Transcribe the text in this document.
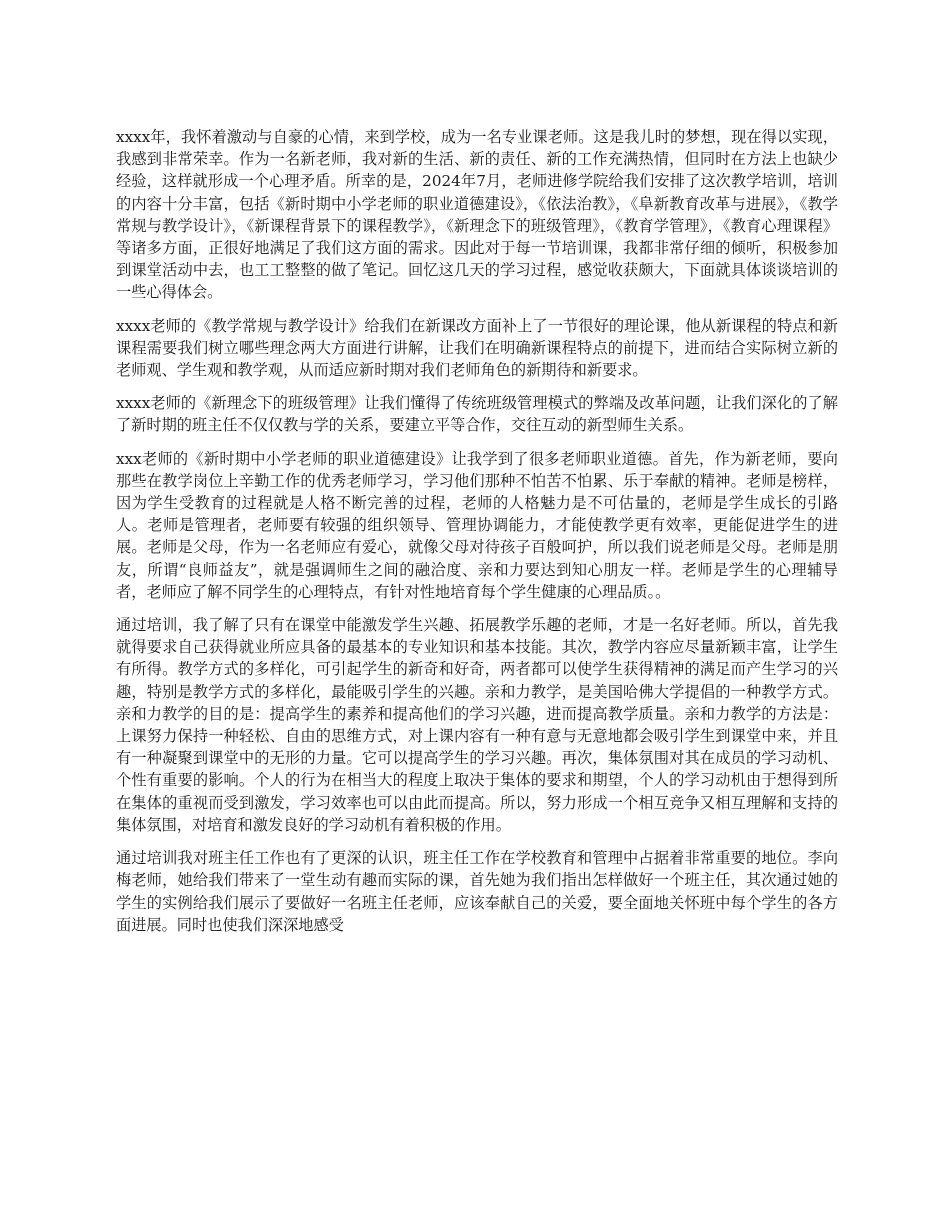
xxxx年，我怀着激动与自豪的心情，来到学校，成为一名专业课老师。这是我儿时的梦想，现在得以实现，我感到非常荣幸。作为一名新老师，我对新的生活、新的责任、新的工作充满热情，但同时在方法上也缺少经验，这样就形成一个心理矛盾。所幸的是，2024年7月，老师进修学院给我们安排了这次教学培训，培训的内容十分丰富，包括《新时期中小学老师的职业道德建设》，《依法治教》，《阜新教育改革与进展》，《教学常规与教学设计》，《新课程背景下的课程教学》，《新理念下的班级管理》，《教育学管理》，《教育心理课程》等诸多方面，正很好地满足了我们这方面的需求。因此对于每一节培训课，我都非常仔细的倾听，积极参加到课堂活动中去，也工工整整的做了笔记。回忆这几天的学习过程，感觉收获颇大，下面就具体谈谈培训的一些心得体会。

xxxx老师的《教学常规与教学设计》给我们在新课改方面补上了一节很好的理论课，他从新课程的特点和新课程需要我们树立哪些理念两大方面进行讲解，让我们在明确新课程特点的前提下，进而结合实际树立新的老师观、学生观和教学观，从而适应新时期对我们老师角色的新期待和新要求。

xxxx老师的《新理念下的班级管理》让我们懂得了传统班级管理模式的弊端及改革问题，让我们深化的了解了新时期的班主任不仅仅教与学的关系，要建立平等合作，交往互动的新型师生关系。

xxx老师的《新时期中小学老师的职业道德建设》让我学到了很多老师职业道德。首先，作为新老师，要向那些在教学岗位上辛勤工作的优秀老师学习，学习他们那种不怕苦不怕累、乐于奉献的精神。老师是榜样，因为学生受教育的过程就是人格不断完善的过程，老师的人格魅力是不可估量的，老师是学生成长的引路人。老师是管理者，老师要有较强的组织领导、管理协调能力，才能使教学更有效率，更能促进学生的进展。老师是父母，作为一名老师应有爱心，就像父母对待孩子百般呵护，所以我们说老师是父母。老师是朋友，所谓“良师益友”，就是强调师生之间的融洽度、亲和力要达到知心朋友一样。老师是学生的心理辅导者，老师应了解不同学生的心理特点，有针对性地培育每个学生健康的心理品质。。

通过培训，我了解了只有在课堂中能激发学生兴趣、拓展教学乐趣的老师，才是一名好老师。所以，首先我就得要求自己获得就业所应具备的最基本的专业知识和基本技能。其次，教学内容应尽量新颖丰富，让学生有所得。教学方式的多样化，可引起学生的新奇和好奇，两者都可以使学生获得精神的满足而产生学习的兴趣，特别是教学方式的多样化，最能吸引学生的兴趣。亲和力教学，是美国哈佛大学提倡的一种教学方式。亲和力教学的目的是：提高学生的素养和提高他们的学习兴趣，进而提高教学质量。亲和力教学的方法是：上课努力保持一种轻松、自由的思维方式，对上课内容有一种有意与无意地都会吸引学生到课堂中来，并且有一种凝聚到课堂中的无形的力量。它可以提高学生的学习兴趣。再次，集体氛围对其在成员的学习动机、个性有重要的影响。个人的行为在相当大的程度上取决于集体的要求和期望，个人的学习动机由于想得到所在集体的重视而受到激发，学习效率也可以由此而提高。所以，努力形成一个相互竞争又相互理解和支持的集体氛围，对培育和激发良好的学习动机有着积极的作用。

通过培训我对班主任工作也有了更深的认识，班主任工作在学校教育和管理中占据着非常重要的地位。李向梅老师，她给我们带来了一堂生动有趣而实际的课，首先她为我们指出怎样做好一个班主任，其次通过她的学生的实例给我们展示了要做好一名班主任老师，应该奉献自己的关爱，要全面地关怀班中每个学生的各方面进展。同时也使我们深深地感受
